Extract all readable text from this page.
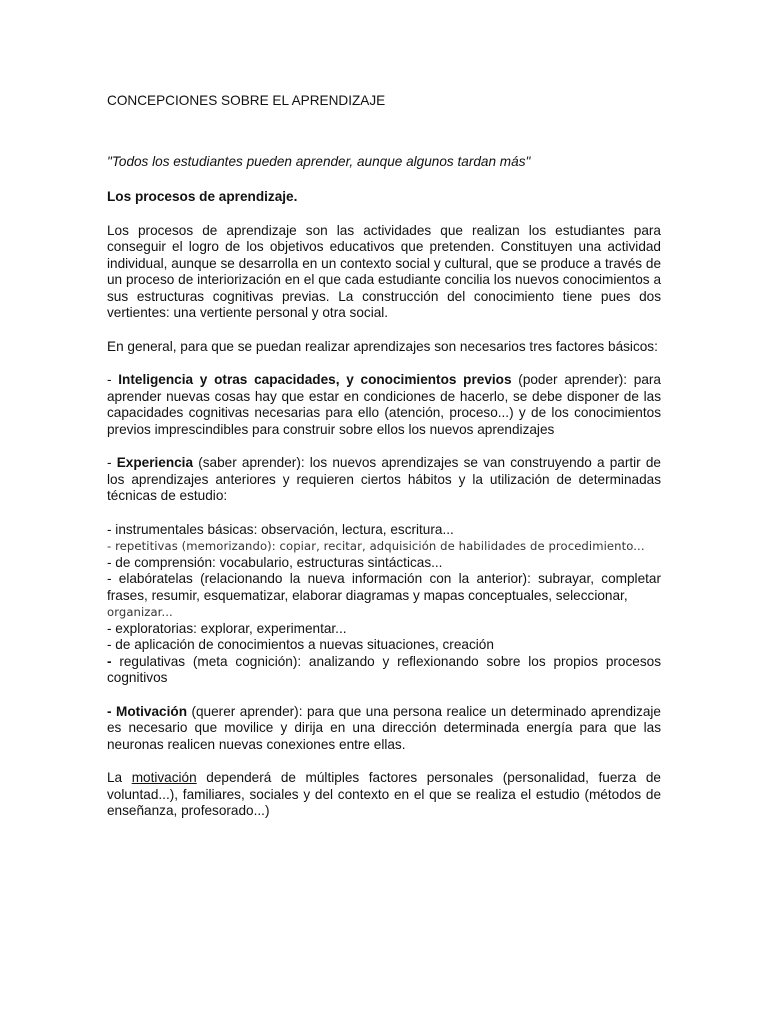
CONCEPCIONES SOBRE EL APRENDIZAJE

"Todos los estudiantes pueden aprender, aunque algunos tardan más"

Los procesos de aprendizaje.

Los procesos de aprendizaje son las actividades que realizan los estudiantes para conseguir el logro de los objetivos educativos que pretenden. Constituyen una actividad individual, aunque se desarrolla en un contexto social y cultural, que se produce a través de un proceso de interiorización en el que cada estudiante concilia los nuevos conocimientos a sus estructuras cognitivas previas. La construcción del conocimiento tiene pues dos vertientes: una vertiente personal y otra social.

En general, para que se puedan realizar aprendizajes son necesarios tres factores básicos:

- Inteligencia y otras capacidades, y conocimientos previos (poder aprender): para aprender nuevas cosas hay que estar en condiciones de hacerlo, se debe disponer de las capacidades cognitivas necesarias para ello (atención, proceso...) y de los conocimientos previos imprescindibles para construir sobre ellos los nuevos aprendizajes

- Experiencia (saber aprender): los nuevos aprendizajes se van construyendo a partir de los aprendizajes anteriores y requieren ciertos hábitos y la utilización de determinadas técnicas de estudio:

- instrumentales básicas: observación, lectura, escritura...

- repetitivas (memorizando): copiar, recitar, adquisición de habilidades de procedimiento...

- de comprensión: vocabulario, estructuras sintácticas...

- elabóratelas (relacionando la nueva información con la anterior): subrayar, completar frases, resumir, esquematizar, elaborar diagramas y mapas conceptuales, seleccionar,

organizar...

- exploratorias: explorar, experimentar...

- de aplicación de conocimientos a nuevas situaciones, creación

- regulativas (meta cognición): analizando y reflexionando sobre los propios procesos cognitivos

- Motivación (querer aprender): para que una persona realice un determinado aprendizaje es necesario que movilice y dirija en una dirección determinada energía para que las neuronas realicen nuevas conexiones entre ellas.

La motivación dependerá de múltiples factores personales (personalidad, fuerza de voluntad...), familiares, sociales y del contexto en el que se realiza el estudio (métodos de enseñanza, profesorado...)
